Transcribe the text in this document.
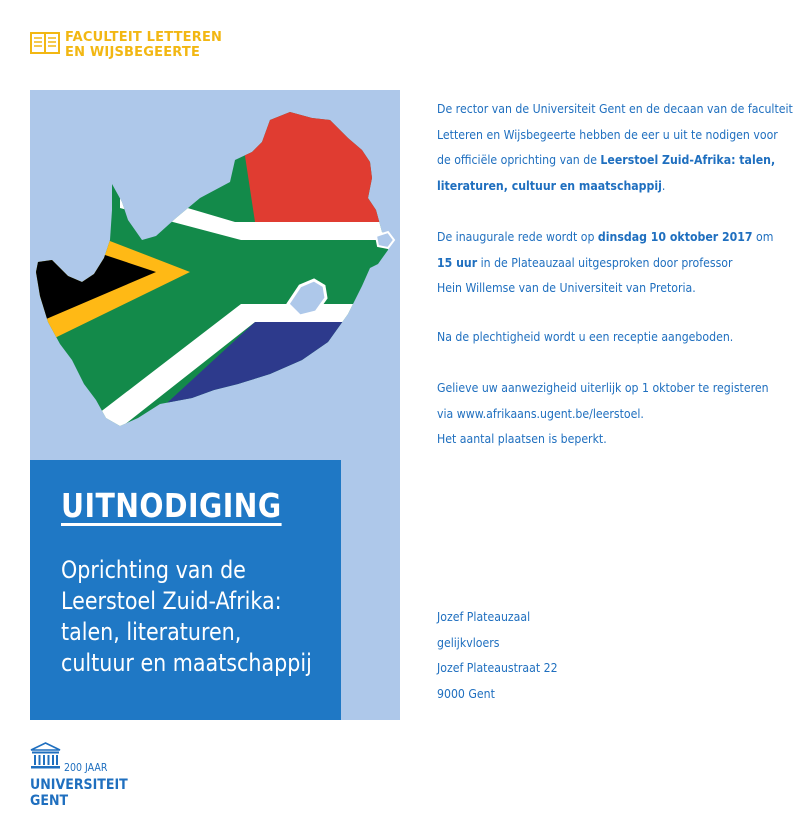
FACULTEIT LETTEREN
EN WIJSBEGEERTE
UITNODIGING
Oprichting van de
Leerstoel Zuid-Afrika:
talen, literaturen,
cultuur en maatschappij
De rector van de Universiteit Gent en de decaan van de faculteit
Letteren en Wijsbegeerte hebben de eer u uit te nodigen voor
de officiële oprichting van de Leerstoel Zuid-Afrika: talen,
literaturen, cultuur en maatschappij.
De inaugurale rede wordt op dinsdag 10 oktober 2017 om
15 uur in de Plateauzaal uitgesproken door professor
Hein Willemse van de Universiteit van Pretoria.
Na de plechtigheid wordt u een receptie aangeboden.
Gelieve uw aanwezigheid uiterlijk op 1 oktober te registeren
via www.afrikaans.ugent.be/leerstoel.
Het aantal plaatsen is beperkt.
Jozef Plateauzaal
gelijkvloers
Jozef Plateaustraat 22
9000 Gent
200 JAAR
UNIVERSITEIT
GENT
